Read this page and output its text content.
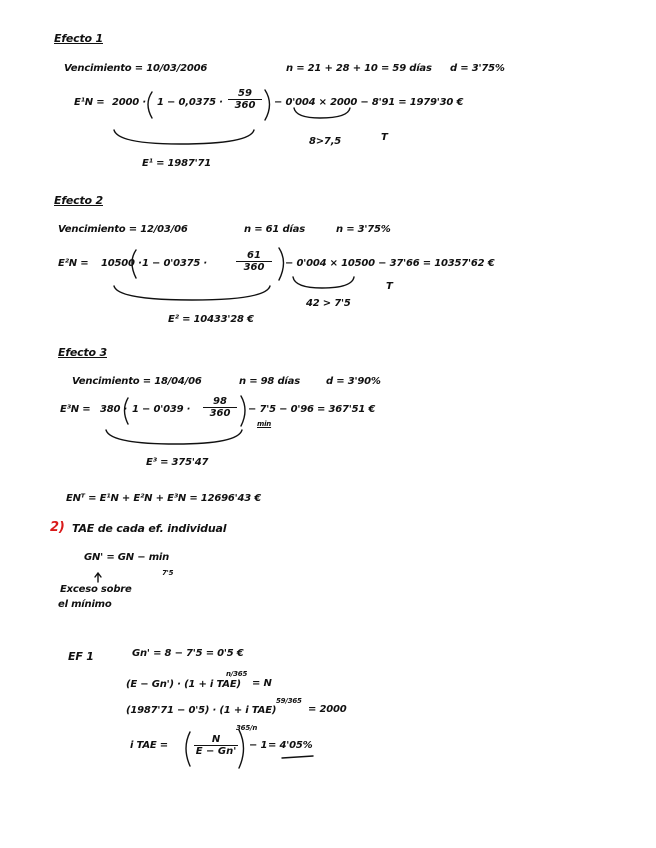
Efecto 1
Vencimiento = 10/03/2006	n = 21 + 28 + 10 = 59 días d = 3'75%
$E^1N = 2000 \cdot 1 - 0,0375 \cdot \frac{59}{360} - 0'004 \times 2000 - 8'91 = 1979'30$ €
8>7,5	T
E¹ = 1987'71
Efecto 2
Vencimiento = 12/03/06	n = 61 días	n = 3'75%
E²N = 10500 · 1 − 0'0375 ·	$\frac{61}{360} - 0'004 \times 10500 - 37'66 = 10357'62$ €
42 > 7'5
T
E² = 10433'28 €
Efecto 3
Vencimiento = 18/04/06	n = 98 días	d = 3'90%
$E^3N = 380 \cdot 1 - 0'039 \cdot \frac{98}{360} - 7'5 - 0'96 = 367'51$ €
min
E³ = 375'47
ENᵀ = E¹N + E²N + E³N = 12696'43 €
2) TAE de cada ef. individual
GN' = GN − min
7'5
Exceso sobre
el mínimo
EF 1	Gn' = 8 − 7'5 = 0'5 €
(E − Gn') · (1 + i TAE)
n/365
= N
(1987'71 − 0'5) · (1 + i TAE)
59/365
= 2000
i TAE =	$\frac{N}{E - Gn'}$
365/n
− 1 = 4'05%
